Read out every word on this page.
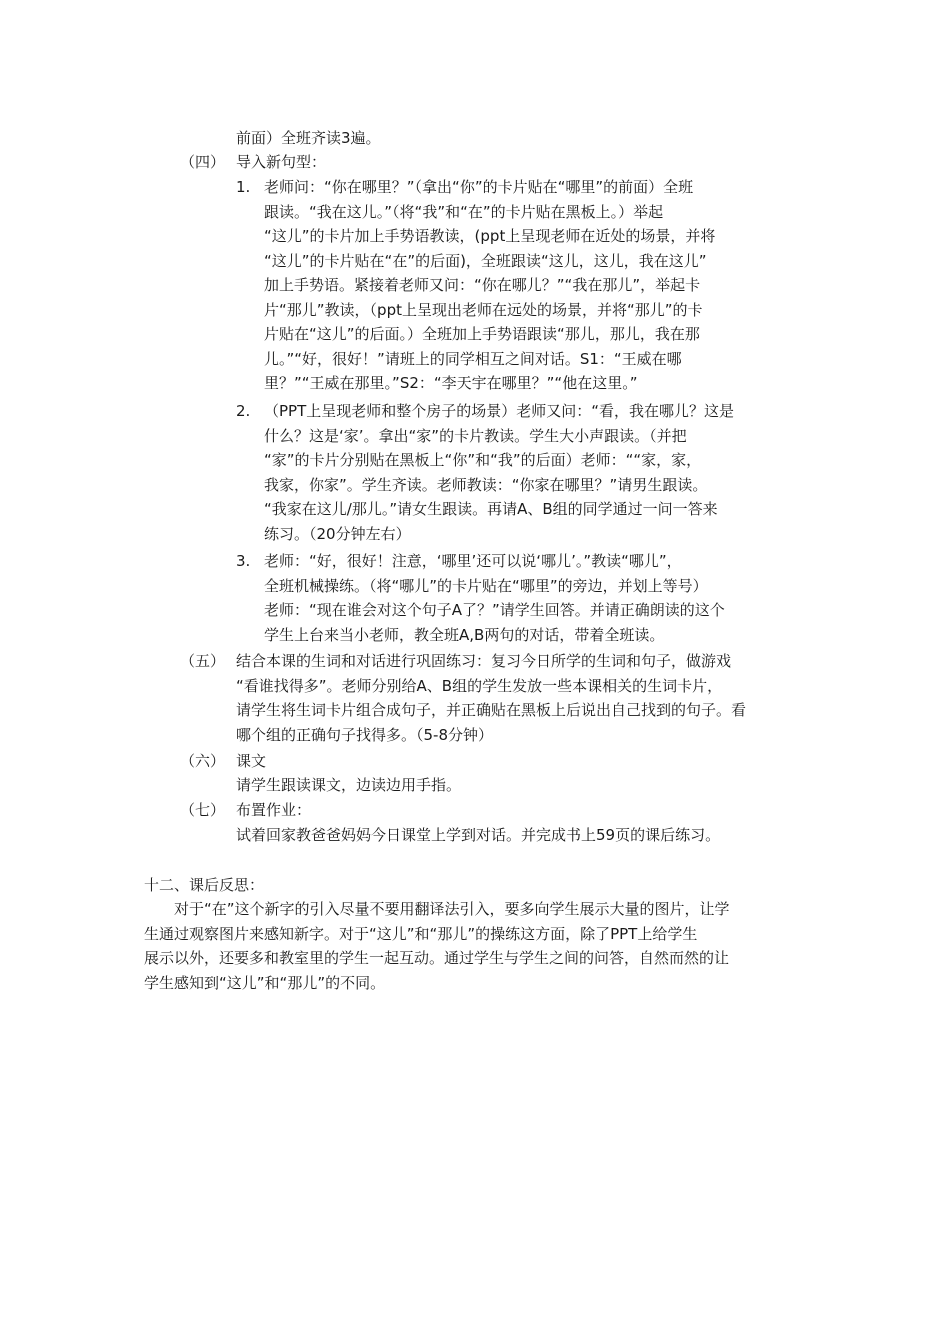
前面）全班齐读3遍。
（四） 导入新句型：
1. 老师问：“你在哪里？”（拿出“你”的卡片贴在“哪里”的前面）全班
跟读。“我在这儿。”（将“我”和“在”的卡片贴在黑板上。）举起
“这儿”的卡片加上手势语教读，(ppt上呈现老师在近处的场景，并将
“这儿”的卡片贴在“在”的后面)，全班跟读“这儿，这儿，我在这儿”
加上手势语。紧接着老师又问：“你在哪儿？”“我在那儿”，举起卡
片“那儿”教读，（ppt上呈现出老师在远处的场景，并将“那儿”的卡
片贴在“这儿”的后面。）全班加上手势语跟读“那儿，那儿，我在那
儿。”“好，很好！”请班上的同学相互之间对话。S1：“王威在哪
里？”“王威在那里。”S2：“李天宇在哪里？”“他在这里。”
2. （PPT上呈现老师和整个房子的场景）老师又问：“看，我在哪儿？这是
什么？这是‘家’。拿出“家”的卡片教读。学生大小声跟读。（并把
“家”的卡片分别贴在黑板上“你”和“我”的后面）老师：““家，家，
我家，你家”。学生齐读。老师教读：“你家在哪里？”请男生跟读。
“我家在这儿/那儿。”请女生跟读。再请A、B组的同学通过一问一答来
练习。（20分钟左右）
3. 老师：“好，很好！注意，‘哪里’还可以说‘哪儿’。”教读“哪儿”，
全班机械操练。（将“哪儿”的卡片贴在“哪里”的旁边，并划上等号）
老师：“现在谁会对这个句子A了？”请学生回答。并请正确朗读的这个
学生上台来当小老师，教全班A,B两句的对话，带着全班读。
（五） 结合本课的生词和对话进行巩固练习：复习今日所学的生词和句子，做游戏
“看谁找得多”。老师分别给A、B组的学生发放一些本课相关的生词卡片，
请学生将生词卡片组合成句子，并正确贴在黑板上后说出自己找到的句子。看
哪个组的正确句子找得多。（5-8分钟）
（六） 课文
请学生跟读课文，边读边用手指。
（七） 布置作业：
试着回家教爸爸妈妈今日课堂上学到对话。并完成书上59页的课后练习。
十二、课后反思：
对于“在”这个新字的引入尽量不要用翻译法引入，要多向学生展示大量的图片，让学
生通过观察图片来感知新字。对于“这儿”和“那儿”的操练这方面，除了PPT上给学生
展示以外，还要多和教室里的学生一起互动。通过学生与学生之间的问答，自然而然的让
学生感知到“这儿”和“那儿”的不同。
